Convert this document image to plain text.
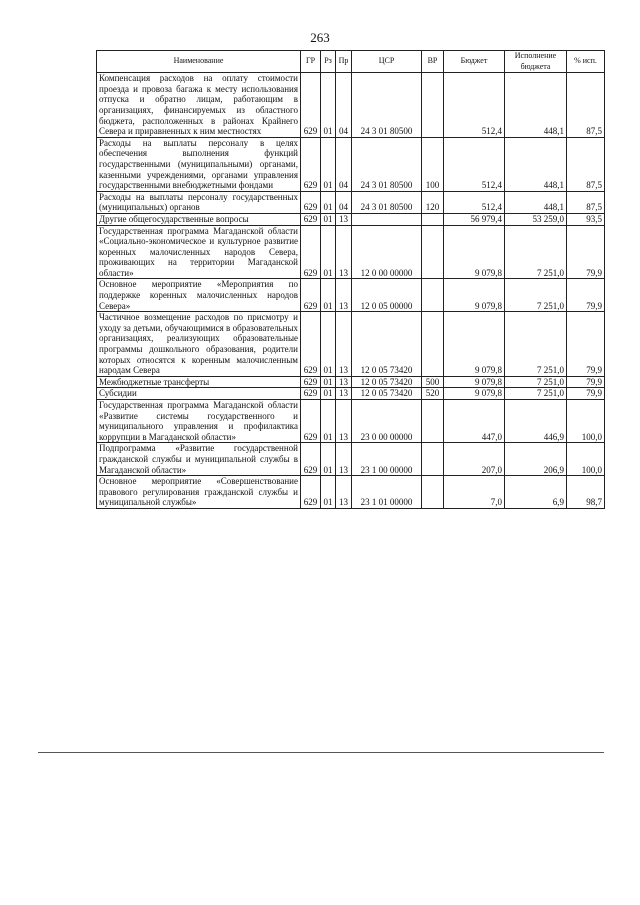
263
Наименование	ГР	Рз	Пр	ЦСР	ВР	Бюджет	Исполнение бюджета	% исп.
Компенсация расходов на оплату стоимости проезда и провоза багажа к месту использования отпуска и обратно лицам, работающим в организациях, финансируемых из областного бюджета, расположенных в районах Крайнего Севера и приравненных к ним местностях	629	01	04	24 3 01 80500		512,4	448,1	87,5
Расходы на выплаты персоналу в целях обеспечения выполнения функций государственными (муниципальными) органами, казенными учреждениями, органами управления государственными внебюджетными фондами	629	01	04	24 3 01 80500	100	512,4	448,1	87,5
Расходы на выплаты персоналу государственных (муниципальных) органов	629	01	04	24 3 01 80500	120	512,4	448,1	87,5
Другие общегосударственные вопросы	629	01	13			56 979,4	53 259,0	93,5
Государственная программа Магаданской области «Социально-экономическое и культурное развитие коренных малочисленных народов Севера, проживающих на территории Магаданской области»	629	01	13	12 0 00 00000		9 079,8	7 251,0	79,9
Основное мероприятие «Мероприятия по поддержке коренных малочисленных народов Севера»	629	01	13	12 0 05 00000		9 079,8	7 251,0	79,9
Частичное возмещение расходов по присмотру и уходу за детьми, обучающимися в образовательных организациях, реализующих образовательные программы дошкольного образования, родители которых относятся к коренным малочисленным народам Севера	629	01	13	12 0 05 73420		9 079,8	7 251,0	79,9
Межбюджетные трансферты	629	01	13	12 0 05 73420	500	9 079,8	7 251,0	79,9
Субсидии	629	01	13	12 0 05 73420	520	9 079,8	7 251,0	79,9
Государственная программа Магаданской области «Развитие системы государственного и муниципального управления и профилактика коррупции в Магаданской области»	629	01	13	23 0 00 00000		447,0	446,9	100,0
Подпрограмма «Развитие государственной гражданской службы и муниципальной службы в Магаданской области»	629	01	13	23 1 00 00000		207,0	206,9	100,0
Основное мероприятие «Совершенствование правового регулирования гражданской службы и муниципальной службы»	629	01	13	23 1 01 00000		7,0	6,9	98,7
